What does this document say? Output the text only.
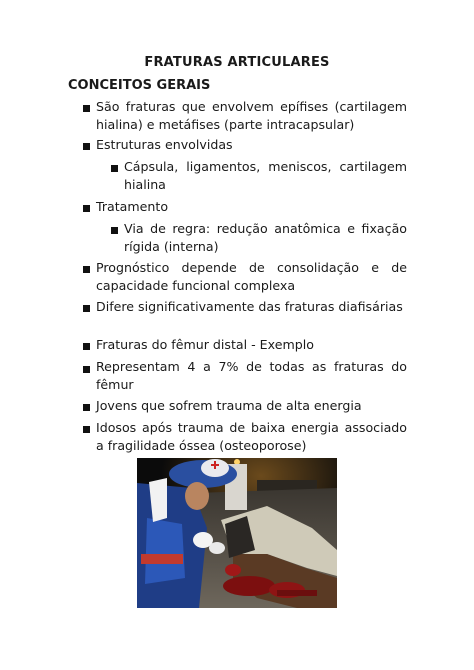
FRATURAS ARTICULARES
CONCEITOS GERAIS
São fraturas que envolvem epífises (cartilagem hialina) e metáfises (parte intracapsular)
Estruturas envolvidas
Cápsula, ligamentos, meniscos, cartilagem hialina
Tratamento
Via de regra: redução anatômica e fixação rígida (interna)
Prognóstico depende de consolidação e de capacidade funcional complexa
Difere significativamente das fraturas diafisárias
Fraturas do fêmur distal - Exemplo
Representam 4 a 7% de todas as fraturas do fêmur
Jovens que sofrem trauma de alta energia
Idosos após trauma de baixa energia associado a fragilidade óssea (osteoporose)
